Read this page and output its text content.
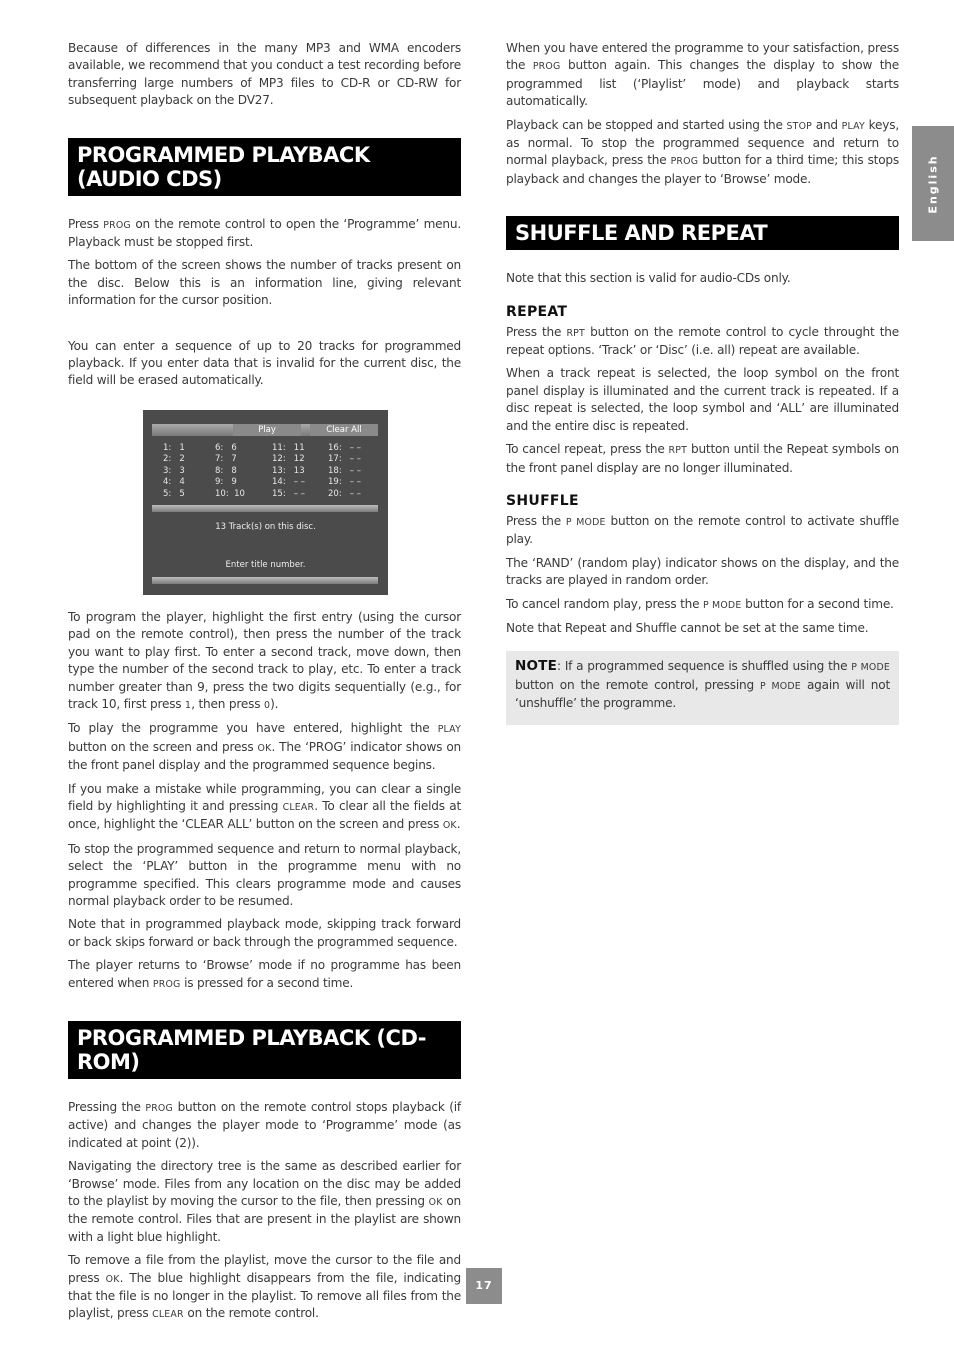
Because of differences in the many MP3 and WMA encoders available, we recommend that you conduct a test recording before transferring large numbers of MP3 files to CD-R or CD-RW for subsequent playback on the DV27.

PROGRAMMED PLAYBACK (AUDIO CDS)

Press PROG on the remote control to open the ‘Programme’ menu. Playback must be stopped first.

The bottom of the screen shows the number of tracks present on the disc. Below this is an information line, giving relevant information for the cursor position.

You can enter a sequence of up to 20 tracks for programmed playback. If you enter data that is invalid for the current disc, the field will be erased automatically.

Play	Clear All
1:   1
2:   2
3:   3
4:   4
5:   5
6:   6
7:   7
8:   8
9:   9
10:  10
11:   11
12:   12
13:   13
14:   – –
15:   – –
16:   – –
17:   – –
18:   – –
19:   – –
20:   – –
13 Track(s) on this disc.
Enter title number.

To program the player, highlight the first entry (using the cursor pad on the remote control), then press the number of the track you want to play first. To enter a second track, move down, then type the number of the second track to play, etc. To enter a track number greater than 9, press the two digits sequentially (e.g., for track 10, first press 1, then press 0).

To play the programme you have entered, highlight the PLAY button on the screen and press OK. The ‘PROG’ indicator shows on the front panel display and the programmed sequence begins.

If you make a mistake while programming, you can clear a single field by highlighting it and pressing CLEAR. To clear all the fields at once, highlight the ‘CLEAR ALL’ button on the screen and press OK.

To stop the programmed sequence and return to normal playback, select the ‘PLAY’ button in the programme menu with no programme specified. This clears programme mode and causes normal playback order to be resumed.

Note that in programmed playback mode, skipping track forward or back skips forward or back through the programmed sequence.

The player returns to ‘Browse’ mode if no programme has been entered when PROG is pressed for a second time.

PROGRAMMED PLAYBACK (CD-ROM)

Pressing the PROG button on the remote control stops playback (if active) and changes the player mode to ‘Programme’ mode (as indicated at point (2)).

Navigating the directory tree is the same as described earlier for ‘Browse’ mode. Files from any location on the disc may be added to the playlist by moving the cursor to the file, then pressing OK on the remote control. Files that are present in the playlist are shown with a light blue highlight.

To remove a file from the playlist, move the cursor to the file and press OK. The blue highlight disappears from the file, indicating that the file is no longer in the playlist. To remove all files from the playlist, press CLEAR on the remote control.

When you have entered the programme to your satisfaction, press the PROG button again. This changes the display to show the programmed list (‘Playlist’ mode) and playback starts automatically.

Playback can be stopped and started using the STOP and PLAY keys, as normal. To stop the programmed sequence and return to normal playback, press the PROG button for a third time; this stops playback and changes the player to ‘Browse’ mode.

SHUFFLE AND REPEAT

Note that this section is valid for audio-CDs only.

REPEAT

Press the RPT button on the remote control to cycle throught the repeat options. ‘Track’ or ‘Disc’ (i.e. all) repeat are available.

When a track repeat is selected, the loop symbol on the front panel display is illuminated and the current track is repeated. If a disc repeat is selected, the loop symbol and ‘ALL’ are illuminated and the entire disc is repeated.

To cancel repeat, press the RPT button until the Repeat symbols on the front panel display are no longer illuminated.

SHUFFLE

Press the P MODE button on the remote control to activate shuffle play.

The ‘RAND’ (random play) indicator shows on the display, and the tracks are played in random order.

To cancel random play, press the P MODE button for a second time.

Note that Repeat and Shuffle cannot be set at the same time.

NOTE: If a programmed sequence is shuffled using the P MODE button on the remote control, pressing P MODE again will not ‘unshuffle’ the programme.

English
17
